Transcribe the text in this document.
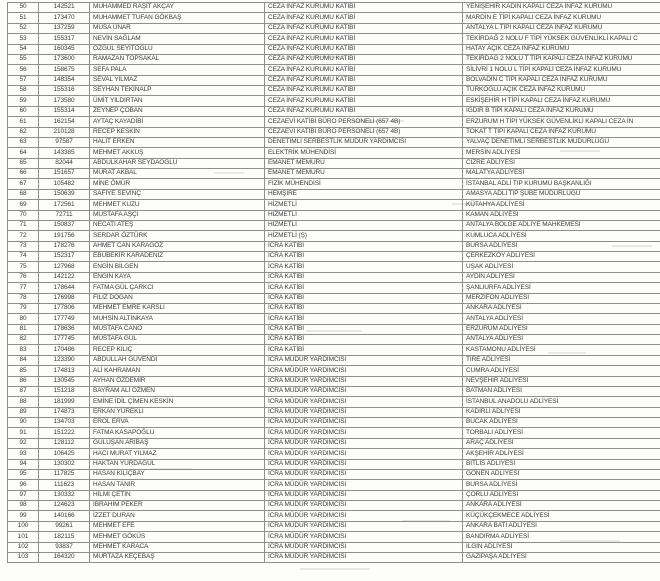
50	142521	MUHAMMED RAŞİT AKÇAY	CEZA İNFAZ KURUMU KATİBİ	YENİŞEHİR KADIN KAPALI CEZA İNFAZ KURUMU
51	173470	MUHAMMET TUFAN GÖKBAŞ	CEZA İNFAZ KURUMU KATİBİ	MARDİN E TİPİ KAPALI CEZA İNFAZ KURUMU
52	137259	MUSA ÜNAR	CEZA İNFAZ KURUMU KATİBİ	ANTALYA L TİPİ KAPALI CEZA İNFAZ KURUMU
53	155317	NEVİN SAĞLAM	CEZA İNFAZ KURUMU KATİBİ	TEKİRDAĞ 2 NOLU F TİPİ YÜKSEK GÜVENLİKLİ KAPALI C
54	160345	ÖZGÜL SEYİTOĞLU	CEZA İNFAZ KURUMU KATİBİ	HATAY AÇIK CEZA İNFAZ KURUMU
55	173600	RAMAZAN TOPSAKAL	CEZA İNFAZ KURUMU KATİBİ	TEKİRDAĞ 2 NOLU T TİPİ KAPALI CEZA İNFAZ KURUMU
56	158675	SEFA PALA	CEZA İNFAZ KURUMU KATİBİ	SİLİVRİ 1 NOLU L TİPİ KAPALI CEZA İNFAZ KURUMU
57	148354	SEVAL YILMAZ	CEZA İNFAZ KURUMU KATİBİ	BOLVADİN C TİPİ KAPALI CEZA İNFAZ KURUMU
58	155316	SEYHAN TEKİNALP	CEZA İNFAZ KURUMU KATİBİ	TÜRKOĞLU AÇIK CEZA İNFAZ KURUMU
59	173580	ÜMİT YILDIRTAN	CEZA İNFAZ KURUMU KATİBİ	ESKİŞEHİR H TİPİ KAPALI CEZA İNFAZ KURUMU
60	155314	ZEYNEP ÇOBAN	CEZA İNFAZ KURUMU KATİBİ	IĞDIR B TİPİ KAPALI CEZA İNFAZ KURUMU
61	162154	AYTAÇ KAYADİBİ	CEZAEVİ KATİBİ BÜRO PERSONELİ (657 4B)	ERZURUM H TİPİ YÜKSEK GÜVENLİKLİ KAPALI CEZA İN
62	210128	RECEP KESKİN	CEZAEVİ KATİBİ BÜRO PERSONELİ (657 4B)	TOKAT T TİPİ KAPALI CEZA İNFAZ KURUMU
63	97587	HALİT ERKEN	DENETİMLİ SERBESTLİK MÜDÜR YARDIMCISI	YALVAÇ DENETİMLİ SERBESTLİK MÜDÜRLÜĞÜ
64	143385	MEHMET AKKUŞ	ELEKTRİK MÜHENDİSİ	MERSİN ADLİYESİ
65	82044	ABDULKAHAR SEYDAOĞLU	EMANET MEMURU	CİZRE ADLİYESİ
66	151657	MURAT AKBAL	EMANET MEMURU	MALATYA ADLİYESİ
67	105482	MİNE ÖMÜR	FİZİK MÜHENDİSİ	İSTANBAL ADLİ TIP KURUMU BAŞKANLIĞI
68	150639	SAFİYE SEVİNÇ	HEMŞİRE	AMASYA ADLİ TIP ŞUBE MÜDÜRLÜĞÜ
69	172561	MEHMET KUZU	HİZMETLİ	KÜTAHYA ADLİYESİ
70	72711	MUSTAFA AŞÇI	HİZMETLİ	KAMAN ADLİYESİ
71	150837	NECATİ ATEŞ	HİZMETLİ	ANTALYA BÖLGE ADLİYE MAHKEMESİ
72	191756	SERDAR ÖZTÜRK	HİZMETLİ (Ş)	KUMLUCA ADLİYESİ
73	178276	AHMET CAN KARAGÖZ	İCRA KATİBİ	BURSA ADLİYESİ
74	152317	EBUBEKİR KARADENİZ	İCRA KATİBİ	ÇERKEZKÖY ADLİYESİ
75	127968	ENGİN BİLGEN	İCRA KATİBİ	UŞAK ADLİYESİ
76	142122	ENGİN KAYA	İCRA KATİBİ	AYDIN ADLİYESİ
77	178644	FATMA GÜL ÇARKCI	İCRA KATİBİ	ŞANLIURFA ADLİYESİ
78	176998	FİLİZ DOĞAN	İCRA KATİBİ	MERZİFON ADLİYESİ
79	177806	MEHMET EMRE KARSLI	İCRA KATİBİ	ANKARA ADLİYESİ
80	177749	MUHSİN ALTINKAYA	İCRA KATİBİ	ANTALYA ADLİYESİ
81	178636	MUSTAFA CANO	İCRA KATİBİ	ERZURUM ADLİYESİ
82	177745	MUSTAFA GÜL	İCRA KATİBİ	ANTALYA ADLİYESİ
83	170486	RECEP KILIÇ	İCRA KATİBİ	KASTAMONU ADLİYESİ
84	123390	ABDULLAH GÜVENDİ	İCRA MÜDÜR YARDIMCISI	TİRE ADLİYESİ
85	174813	ALİ KAHRAMAN	İCRA MÜDÜR YARDIMCISI	CUMRA ADLİYESİ
86	130545	AYHAN ÖZDEMİR	İCRA MÜDÜR YARDIMCISI	NEVŞEHİR ADLİYESİ
87	151218	BAYRAM ALİ ÖZMEN	İCRA MÜDÜR YARDIMCISI	BATMAN ADLİYESİ
88	181999	EMİNE İDİL ÇİMEN KESKİN	İCRA MÜDÜR YARDIMCISI	İSTANBUL ANADOLU ADLİYESİ
89	174873	ERKAN YÜREKLİ	İCRA MÜDÜR YARDIMCISI	KADİRLİ ADLİYESİ
90	134703	EROL ERVA	İCRA MÜDÜR YARDIMCISI	BUCAK ADLİYESİ
91	151222	FATMA KASAPOĞLU	İCRA MÜDÜR YARDIMCISI	TORBALI ADLİYESİ
92	128112	GÜLÜŞAN ARIBAŞ	İCRA MÜDÜR YARDIMCISI	ARAÇ ADLİYESİ
93	106425	HACI MURAT YILMAZ	İCRA MÜDÜR YARDIMCISI	AKŞEHİR ADLİYESİ
94	130302	HAKTAN YURDAGÜL	İCRA MÜDÜR YARDIMCISI	BİTLİS ADLİYESİ
95	117825	HASAN KILIÇBAY	İCRA MÜDÜR YARDIMCISI	GÖNEN ADLİYESİ
96	111623	HASAN TANIR	İCRA MÜDÜR YARDIMCISI	BURSA ADLİYESİ
97	130332	HİLMİ ÇETİN	İCRA MÜDÜR YARDIMCISI	ÇORLU ADLİYESİ
98	124623	İBRAHİM PEKER	İCRA MÜDÜR YARDIMCISI	ANKARA ADLİYESİ
99	140166	İZZET DURAN	İCRA MÜDÜR YARDIMCISI	KÜÇÜKÇEKMECE ADLİYESİ
100	99261	MEHMET EFE	İCRA MÜDÜR YARDIMCISI	ANKARA BATI ADLİYESİ
101	182115	MEHMET GÖKÜS	İCRA MÜDÜR YARDIMCISI	BANDIRMA ADLİYESİ
102	93837	MEHMET KARACA	İCRA MÜDÜR YARDIMCISI	ILGIN ADLİYESİ
103	164320	MURTAZA KEÇEBAŞ	İCRA MÜDÜR YARDIMCISI	GAZİPAŞA ADLİYESİ
